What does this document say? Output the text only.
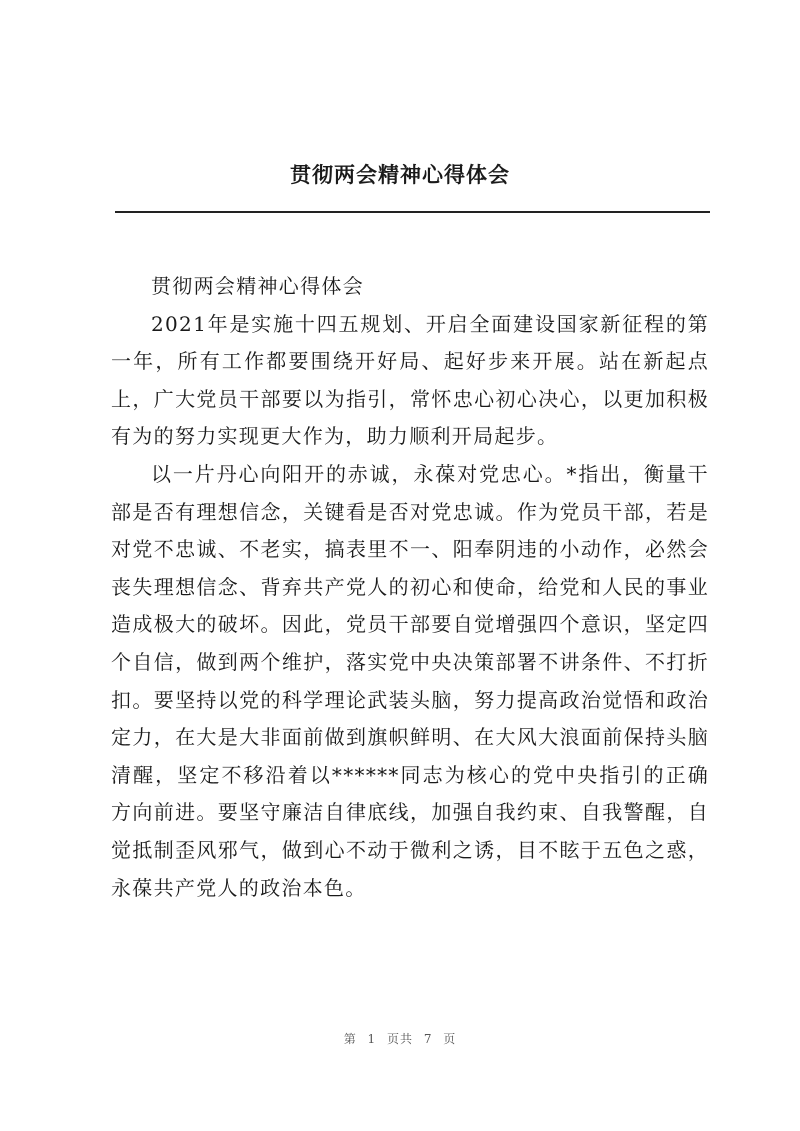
贯彻两会精神心得体会

贯彻两会精神心得体会

2021年是实施十四五规划、开启全面建设国家新征程的第一年，所有工作都要围绕开好局、起好步来开展。站在新起点上，广大党员干部要以为指引，常怀忠心初心决心，以更加积极有为的努力实现更大作为，助力顺利开局起步。

以一片丹心向阳开的赤诚，永葆对党忠心。*指出，衡量干部是否有理想信念，关键看是否对党忠诚。作为党员干部，若是对党不忠诚、不老实，搞表里不一、阳奉阴违的小动作，必然会丧失理想信念、背弃共产党人的初心和使命，给党和人民的事业造成极大的破坏。因此，党员干部要自觉增强四个意识，坚定四个自信，做到两个维护，落实党中央决策部署不讲条件、不打折扣。要坚持以党的科学理论武装头脑，努力提高政治觉悟和政治定力，在大是大非面前做到旗帜鲜明、在大风大浪面前保持头脑清醒，坚定不移沿着以******同志为核心的党中央指引的正确方向前进。要坚守廉洁自律底线，加强自我约束、自我警醒，自觉抵制歪风邪气，做到心不动于微利之诱，目不眩于五色之惑，永葆共产党人的政治本色。

第 1 页共 7 页
